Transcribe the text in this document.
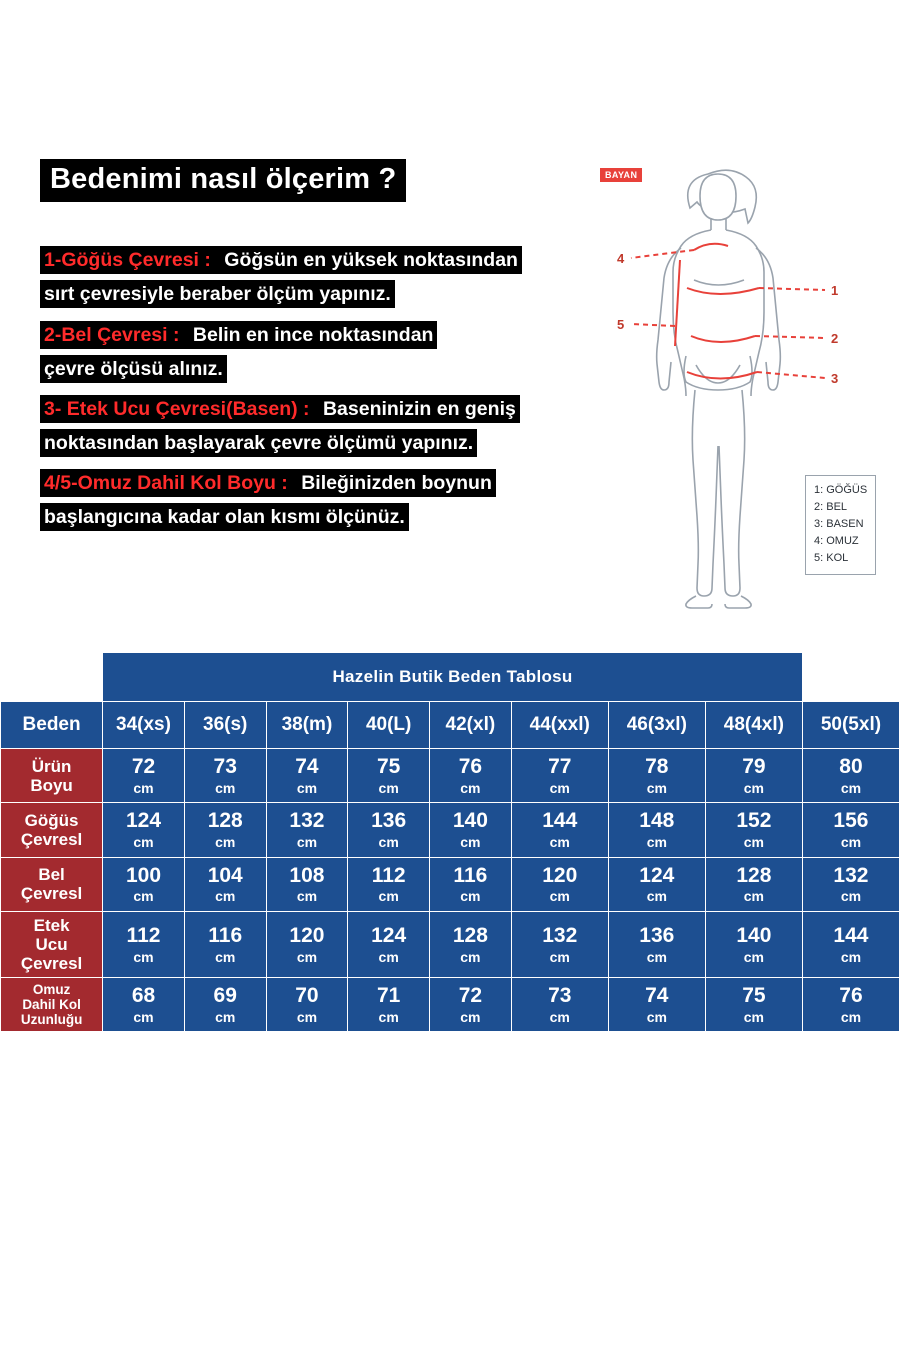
Bedenimi nasıl ölçerim ?
1-Göğüs Çevresi : Göğsün en yüksek noktasından
sırt çevresiyle beraber ölçüm yapınız.
2-Bel Çevresi : Belin en ince noktasından
çevre ölçüsü alınız.
3- Etek Ucu Çevresi(Basen) : Baseninizin en geniş
noktasından başlayarak çevre ölçümü yapınız.
4/5-Omuz Dahil Kol Boyu : Bileğinizden boynun
başlangıcına kadar olan kısmı ölçünüz.
BAYAN
1
2
3
4
5
1: GÖĞÜS
2: BEL
3: BASEN
4: OMUZ
5: KOL
	Hazelin Butik Beden Tablosu								
Beden	34(xs)	36(s)	38(m)	40(L)	42(xl)	44(xxl)	46(3xl)	48(4xl)	50(5xl)

Ürün
Boyu
	72
cm
	73
cm
	74
cm
	75
cm
	76
cm
	77
cm
	78
cm
	79
cm
	80
cm

Göğüs
Çevresl
	124
cm
	128
cm
	132
cm
	136
cm
	140
cm
	144
cm
	148
cm
	152
cm
	156
cm

Bel
Çevresl
	100
cm
	104
cm
	108
cm
	112
cm
	116
cm
	120
cm
	124
cm
	128
cm
	132
cm

Etek
Ucu
Çevresl
	112
cm
	116
cm
	120
cm
	124
cm
	128
cm
	132
cm
	136
cm
	140
cm
	144
cm

Omuz
Dahil Kol
Uzunluğu
	68
cm
	69
cm
	70
cm
	71
cm
	72
cm
	73
cm
	74
cm
	75
cm
	76
cm
